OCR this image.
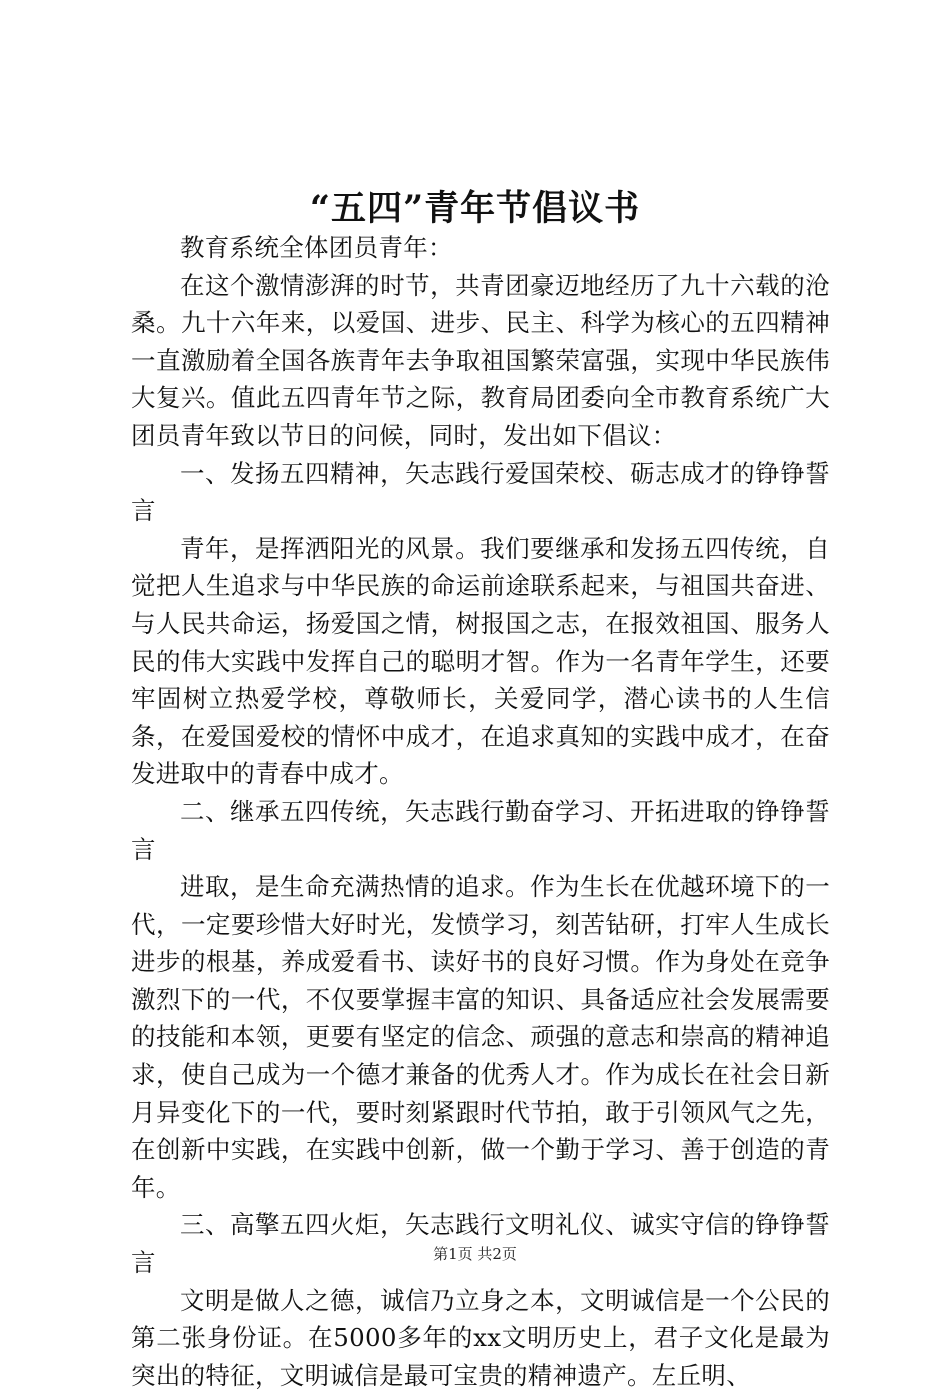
“五四”青年节倡议书

教育系统全体团员青年：

在这个激情澎湃的时节，共青团豪迈地经历了九十六载的沧桑。九十六年来，以爱国、进步、民主、科学为核心的五四精神一直激励着全国各族青年去争取祖国繁荣富强，实现中华民族伟大复兴。值此五四青年节之际，教育局团委向全市教育系统广大团员青年致以节日的问候，同时，发出如下倡议：

一、发扬五四精神，矢志践行爱国荣校、砺志成才的铮铮誓言

青年，是挥洒阳光的风景。我们要继承和发扬五四传统，自觉把人生追求与中华民族的命运前途联系起来，与祖国共奋进、与人民共命运，扬爱国之情，树报国之志，在报效祖国、服务人民的伟大实践中发挥自己的聪明才智。作为一名青年学生，还要牢固树立热爱学校，尊敬师长，关爱同学，潜心读书的人生信条，在爱国爱校的情怀中成才，在追求真知的实践中成才，在奋发进取中的青春中成才。

二、继承五四传统，矢志践行勤奋学习、开拓进取的铮铮誓言

进取，是生命充满热情的追求。作为生长在优越环境下的一代，一定要珍惜大好时光，发愤学习，刻苦钻研，打牢人生成长进步的根基，养成爱看书、读好书的良好习惯。作为身处在竞争激烈下的一代，不仅要掌握丰富的知识、具备适应社会发展需要的技能和本领，更要有坚定的信念、顽强的意志和崇高的精神追求，使自己成为一个德才兼备的优秀人才。作为成长在社会日新月异变化下的一代，要时刻紧跟时代节拍，敢于引领风气之先，在创新中实践，在实践中创新，做一个勤于学习、善于创造的青年。

三、高擎五四火炬，矢志践行文明礼仪、诚实守信的铮铮誓言

文明是做人之德，诚信乃立身之本，文明诚信是一个公民的第二张身份证。在5000多年的xx文明历史上，君子文化是最为突出的特征，文明诚信是最可宝贵的精神遗产。左丘明、

第1页 共2页
